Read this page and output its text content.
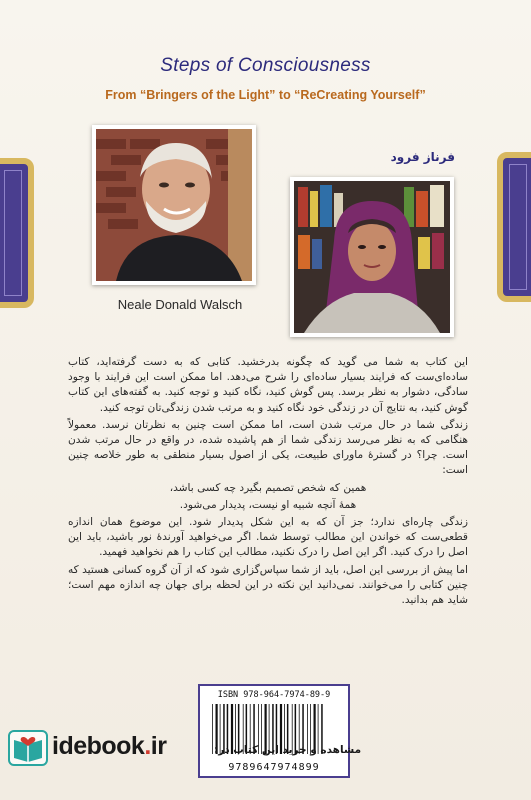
Steps of Consciousness
From “Bringers of the Light” to “ReCreating Yourself”
Neale Donald Walsch
فرناز فرود

این کتاب به شما می گوید که چگونه بدرخشید. کتابی که به دست گرفته‌اید، کتاب ساده‌ای‌ست که فرایند بسیار ساده‌ای را شرح می‌دهد. اما ممکن است این فرایند با وجود سادگی، دشوار به نظر برسد. پس گوش کنید، نگاه کنید و توجه کنید. به گفته‌های این کتاب گوش کنید، به نتایج آن در زندگی خود نگاه کنید و به مرتب شدن زندگی‌تان توجه کنید.

زندگی شما در حال مرتب شدن است، اما ممکن است چنین به نظرتان نرسد. معمولاً هنگامی که به نظر می‌رسد زندگی شما از هم پاشیده شده، در واقع در حال مرتب شدن است. چرا؟ در گسترهٔ ماورای طبیعت، یکی از اصول بسیار منطقی به طور خلاصه چنین است:

همین که شخص تصمیم بگیرد چه کسی باشد،

همهٔ آنچه شبیه او نیست، پدیدار می‌شود.

زندگی چاره‌ای ندارد؛ جز آن که به این شکل پدیدار شود. این موضوع همان اندازه قطعی‌ست که خواندن این مطالب توسط شما. اگر می‌خواهید آورندهٔ نور باشید، باید این اصل را درک کنید. اگر این اصل را درک نکنید، مطالب این کتاب را هم نخواهید فهمید.

اما پیش از بررسی این اصل، باید از شما سپاس‌گزاری شود که از آن گروه کسانی هستید که چنین کتابی را می‌خوانند. نمی‌دانید این نکته در این لحظه برای جهان چه اندازه مهم است؛ شاید هم بدانید.

ISBN 978-964-7974-89-9
9789647974899
idebook.ir	مشاهده و خرید این کتاب در:
